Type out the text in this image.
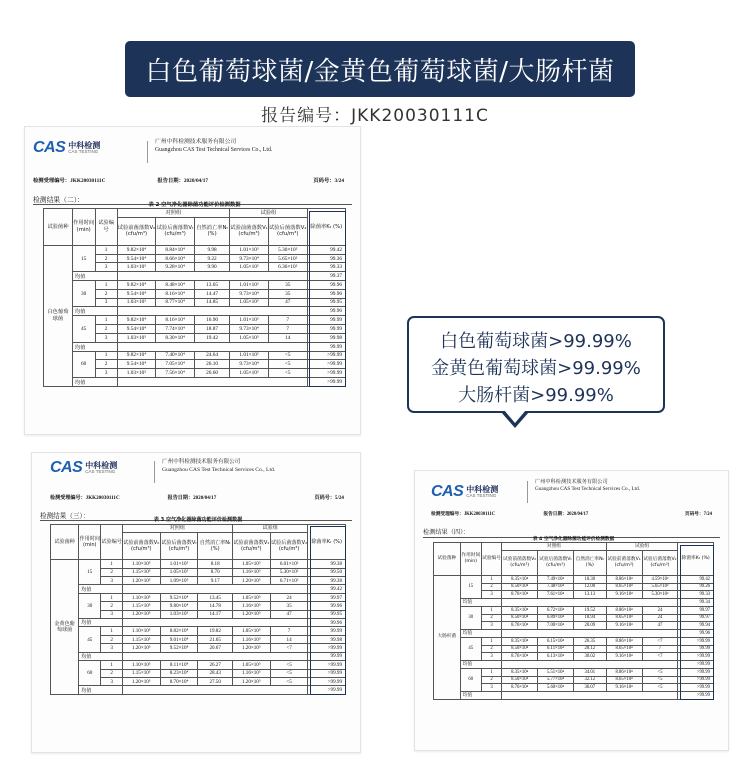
白色葡萄球菌/金黄色葡萄球菌/大肠杆菌
报告编号：JKK20030111C
CAS 中科检测
CAS TESTING
广州中科检测技术服务有限公司
Guangzhou CAS Test Technical Services Co., Ltd.
检测受理编号：JKK20030111C	报告日期：2020/04/17	页码号：3/24
检测结果（二）：
表 2 空气净化器除菌功能评价检测数据								
试验菌种	作用时间(min)	试验编号	对照组			试验组		除菌率Kₜ (%)
			试验前菌落数V₀ (cfu/m³)	试验后菌落数Vₜ (cfu/m³)	自然消亡率Nₜ (%)	试验前菌落数V₁ (cfu/m³)	试验后菌落数V₂ (cfu/m³)	
白色葡萄球菌	15	1	9.82×10⁴	8.84×10⁴	9.98	1.01×10⁵	5.30×10²	99.42
		2	9.54×10⁴	8.66×10⁴	9.22	9.73×10⁴	5.65×10²	99.36
		3	1.03×10⁵	9.28×10⁴	9.90	1.05×10⁵	6.36×10²	99.33
	均值							99.37
	30	1	9.82×10⁴	8.48×10⁴	13.65	1.01×10⁵	35	99.96
		2	9.54×10⁴	8.16×10⁴	14.47	9.73×10⁴	35	99.96
		3	1.03×10⁵	8.77×10⁴	14.85	1.05×10⁵	47	99.95
	均值							99.96
	45	1	9.82×10⁴	8.16×10⁴	16.90	1.01×10⁵	7	99.99
		2	9.54×10⁴	7.74×10⁴	18.87	9.73×10⁴	7	99.99
		3	1.03×10⁵	8.30×10⁴	19.42	1.05×10⁵	14	99.98
	均值							99.99
	60	1	9.82×10⁴	7.40×10⁴	24.64	1.01×10⁵	<5	>99.99
		2	9.54×10⁴	7.05×10⁴	26.10	9.73×10⁴	<5	>99.99
		3	1.03×10⁵	7.56×10⁴	26.60	1.05×10⁵	<5	>99.99
	均值							>99.99
CAS 中科检测
CAS TESTING
广州中科检测技术服务有限公司
Guangzhou CAS Test Technical Services Co., Ltd.
检测受理编号：JKK20030111C	报告日期：2020/04/17	页码号：5/24
检测结果（三）：
表 3 空气净化器除菌功能评价检测数据								
试验菌种	作用时间(min)	试验编号	对照组			试验组		除菌率Kₜ (%)
			试验前菌落数V₀ (cfu/m³)	试验后菌落数Vₜ (cfu/m³)	自然消亡率Nₜ (%)	试验前菌落数V₁ (cfu/m³)	试验后菌落数V₂ (cfu/m³)	
金黄色葡萄球菌	15	1	1.10×10⁵	1.01×10⁵	8.18	1.05×10⁵	6.01×10²	99.38
		2	1.15×10⁵	1.05×10⁵	8.70	1.16×10⁵	5.30×10²	99.50
		3	1.20×10⁵	1.09×10⁵	9.17	1.20×10⁵	6.71×10²	99.38
	均值							99.42
	30	1	1.10×10⁵	9.52×10⁴	13.45	1.05×10⁵	24	99.97
		2	1.15×10⁵	9.80×10⁴	14.78	1.16×10⁵	35	99.96
		3	1.20×10⁵	1.03×10⁵	14.17	1.20×10⁵	47	99.95
	均值							99.96
	45	1	1.10×10⁵	8.82×10⁴	19.82	1.05×10⁵	7	99.99
		2	1.15×10⁵	9.01×10⁴	21.65	1.16×10⁵	14	99.98
		3	1.20×10⁵	9.52×10⁴	20.67	1.20×10⁵	<7	>99.99
	均值							99.99
	60	1	1.10×10⁵	8.11×10⁴	26.27	1.05×10⁵	<5	>99.99
		2	1.15×10⁵	8.23×10⁴	28.43	1.16×10⁵	<5	>99.99
		3	1.20×10⁵	8.70×10⁴	27.50	1.20×10⁵	<5	>99.99
	均值							>99.99
CAS 中科检测
CAS TESTING
广州中科检测技术服务有限公司
Guangzhou CAS Test Technical Services Co., Ltd.
检测受理编号：JKK20030111C	报告日期：2020/04/17	页码号：7/24
检测结果（四）：
表 4 空气净化器除菌功能评价检测数据								
试验菌种	作用时间(min)	试验编号	对照组			试验组		除菌率Kₜ (%)
			试验前菌落数V₀ (cfu/m³)	试验后菌落数Vₜ (cfu/m³)	自然消亡率Nₜ (%)	试验前菌落数V₁ (cfu/m³)	试验后菌落数V₂ (cfu/m³)	
大肠杆菌	15	1	8.35×10⁴	7.49×10⁴	10.30	8.86×10⁴	4.59×10²	99.42
		2	8.50×10⁴	7.48×10⁴	12.00	8.65×10⁴	5.65×10²	99.26
		3	8.76×10⁴	7.61×10⁴	13.13	9.16×10⁴	5.30×10²	99.33
	均值							99.34
	30	1	8.35×10⁴	6.72×10⁴	19.52	8.86×10⁴	24	99.97
		2	8.50×10⁴	6.89×10⁴	18.94	8.65×10⁴	24	99.97
		3	8.76×10⁴	7.00×10⁴	20.09	9.16×10⁴	47	99.94
	均值							99.96
	45	1	8.35×10⁴	6.15×10⁴	26.35	8.86×10⁴	<7	>99.99
		2	8.50×10⁴	6.11×10⁴	28.12	8.65×10⁴	7	99.99
		3	8.76×10⁴	6.13×10⁴	30.02	9.16×10⁴	<7	>99.99
	均值							>99.99
	60	1	8.35×10⁴	5.51×10⁴	34.01	8.86×10⁴	<5	>99.99
		2	8.50×10⁴	5.77×10⁴	32.12	8.65×10⁴	<5	>99.99
		3	8.76×10⁴	5.60×10⁴	36.07	9.16×10⁴	<5	>99.99
	均值							>99.99
白色葡萄球菌>99.99%
金黄色葡萄球菌>99.99%
大肠杆菌>99.99%
